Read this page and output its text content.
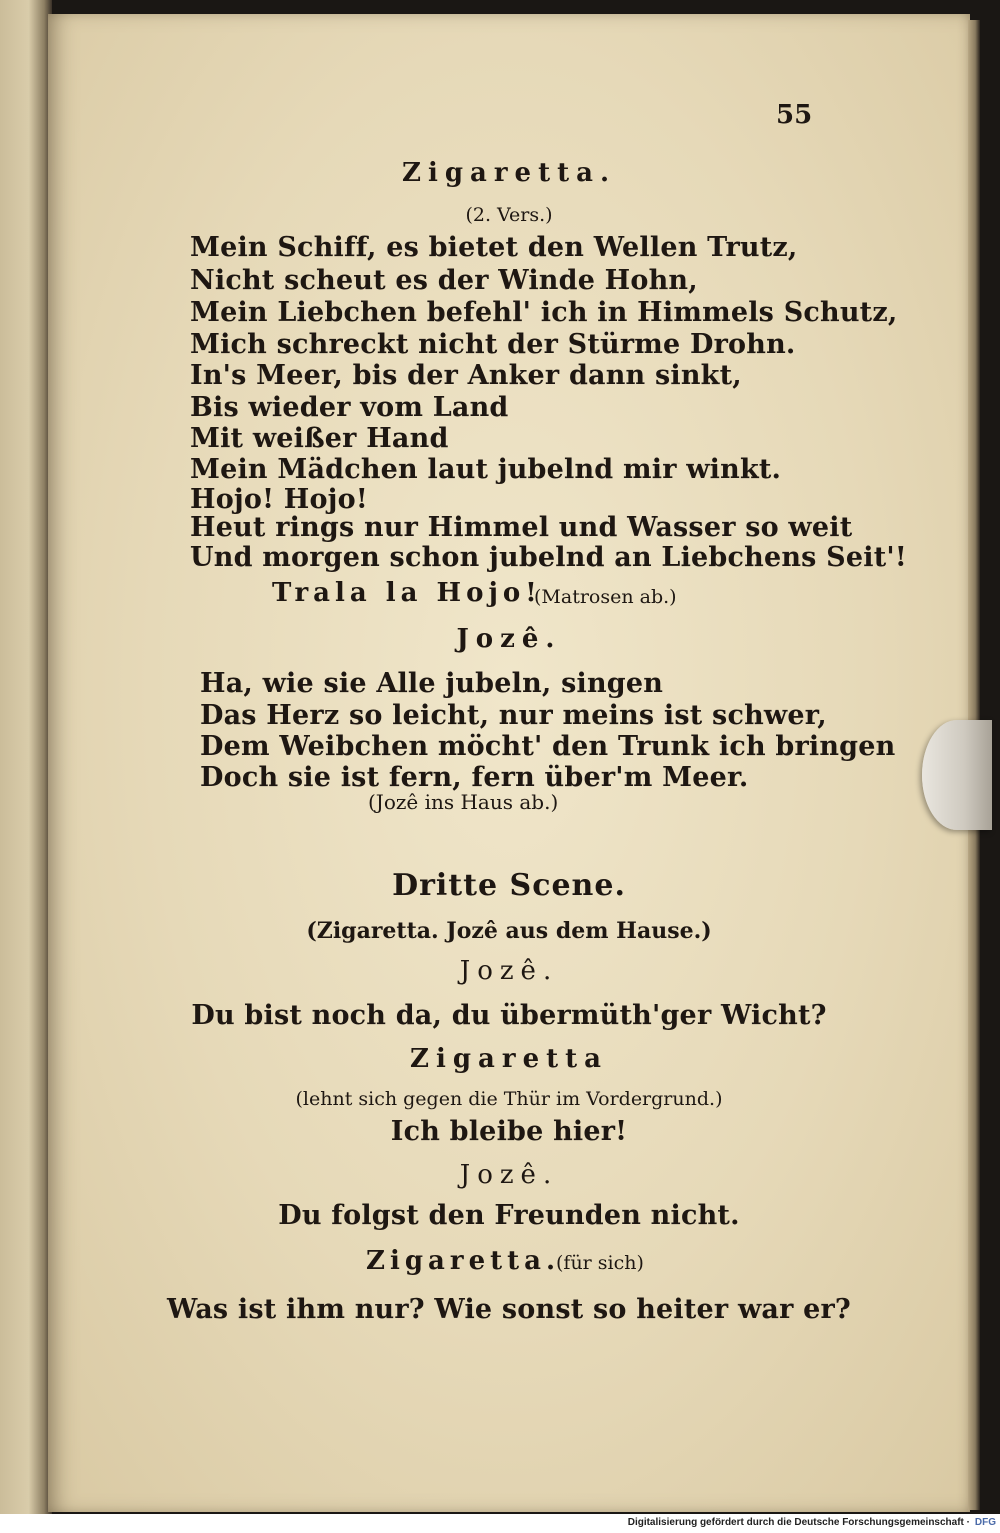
55
Zigaretta.
(2. Vers.)
Mein Schiff, es bietet den Wellen Trutz,
Nicht scheut es der Winde Hohn,
Mein Liebchen befehl' ich in Himmels Schutz,
Mich schreckt nicht der Stürme Drohn.
In's Meer, bis der Anker dann sinkt,
Bis wieder vom Land
Mit weißer Hand
Mein Mädchen laut jubelnd mir winkt.
Hojo! Hojo!
Heut rings nur Himmel und Wasser so weit
Und morgen schon jubelnd an Liebchens Seit'!
Trala la Hojo!
(Matrosen ab.)
Jozê.
Ha, wie sie Alle jubeln, singen
Das Herz so leicht, nur meins ist schwer,
Dem Weibchen möcht' den Trunk ich bringen
Doch sie ist fern, fern über'm Meer.
(Jozê ins Haus ab.)
Dritte Scene.
(Zigaretta. Jozê aus dem Hause.)
Jozê.
Du bist noch da, du übermüth'ger Wicht?
Zigaretta
(lehnt sich gegen die Thür im Vordergrund.)
Ich bleibe hier!
Jozê.
Du folgst den Freunden nicht.
Zigaretta.
(für sich)
Was ist ihm nur? Wie sonst so heiter war er?
Digitalisierung gefördert durch die Deutsche Forschungsgemeinschaft · DFG
